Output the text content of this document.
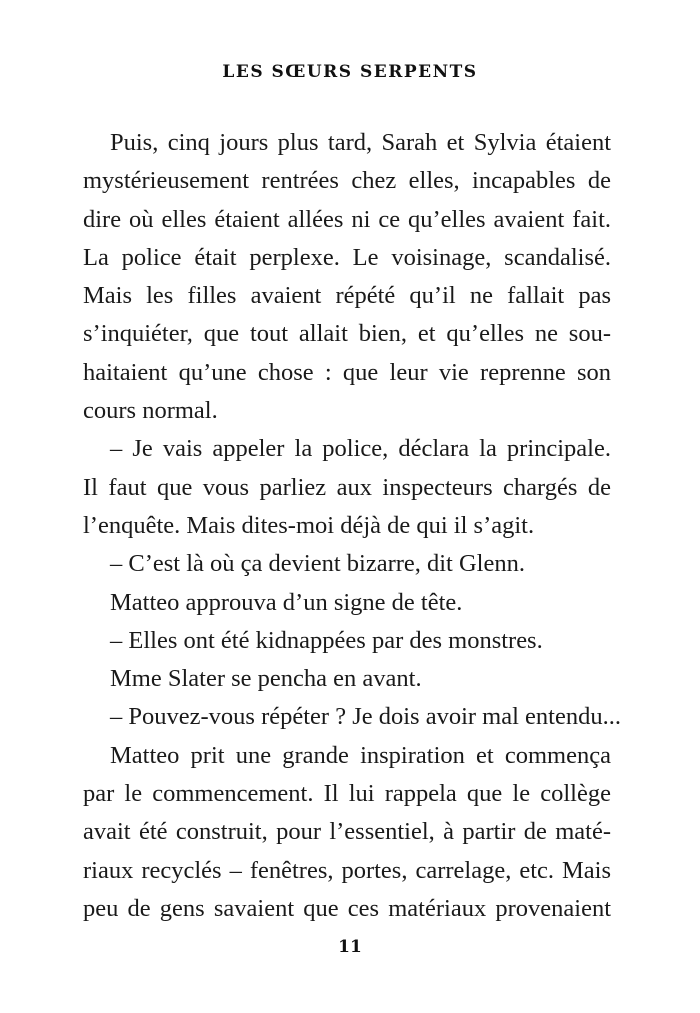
LES SŒURS SERPENTS
Puis, cinq jours plus tard, Sarah et Sylvia étaient
mystérieusement rentrées chez elles, incapables de
dire où elles étaient allées ni ce qu’elles avaient fait.
La police était perplexe. Le voisinage, scandalisé.
Mais les filles avaient répété qu’il ne fallait pas
s’inquiéter, que tout allait bien, et qu’elles ne sou-
haitaient qu’une chose : que leur vie reprenne son
cours normal.
– Je vais appeler la police, déclara la principale.
Il faut que vous parliez aux inspecteurs chargés de
l’enquête. Mais dites-moi déjà de qui il s’agit.
– C’est là où ça devient bizarre, dit Glenn.
Matteo approuva d’un signe de tête.
– Elles ont été kidnappées par des monstres.
Mme Slater se pencha en avant.
– Pouvez-vous répéter ? Je dois avoir mal entendu...
Matteo prit une grande inspiration et commença
par le commencement. Il lui rappela que le collège
avait été construit, pour l’essentiel, à partir de maté-
riaux recyclés – fenêtres, portes, carrelage, etc. Mais
peu de gens savaient que ces matériaux provenaient
11
